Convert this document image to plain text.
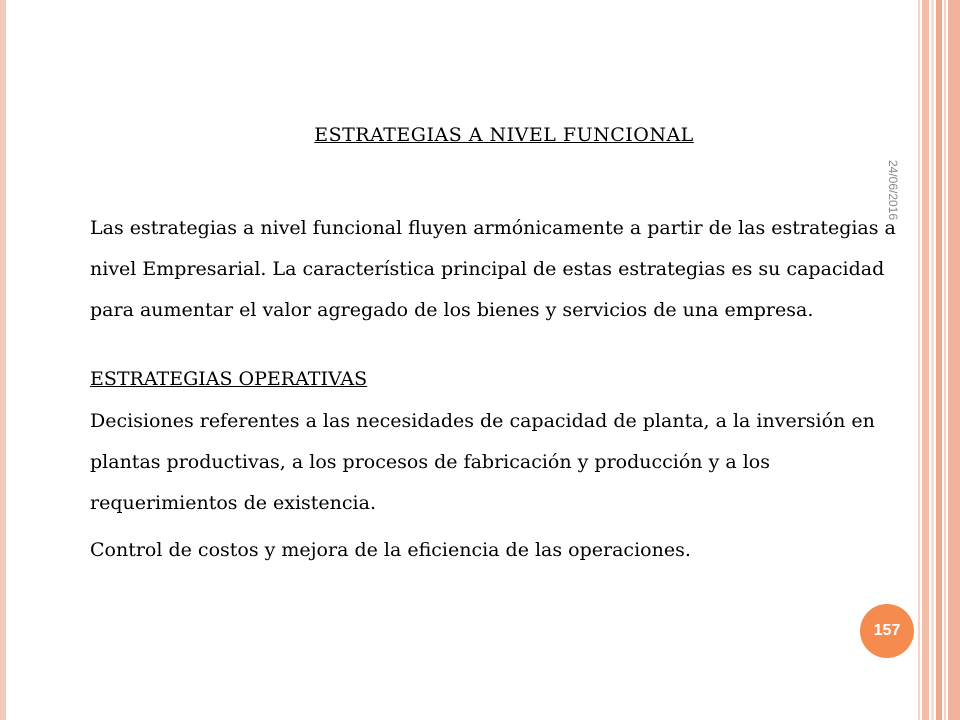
24/06/2016
ESTRATEGIAS A NIVEL FUNCIONAL

Las estrategias a nivel funcional fluyen armónicamente a partir de las estrategias a nivel Empresarial. La característica principal de estas estrategias es su capacidad para aumentar el valor agregado de los bienes y servicios de una empresa.

ESTRATEGIAS OPERATIVAS

Decisiones referentes a las necesidades de capacidad de planta, a la inversión en plantas productivas, a los procesos de fabricación y producción y a los requerimientos de existencia.

Control de costos y mejora de la eficiencia de las operaciones.

157
